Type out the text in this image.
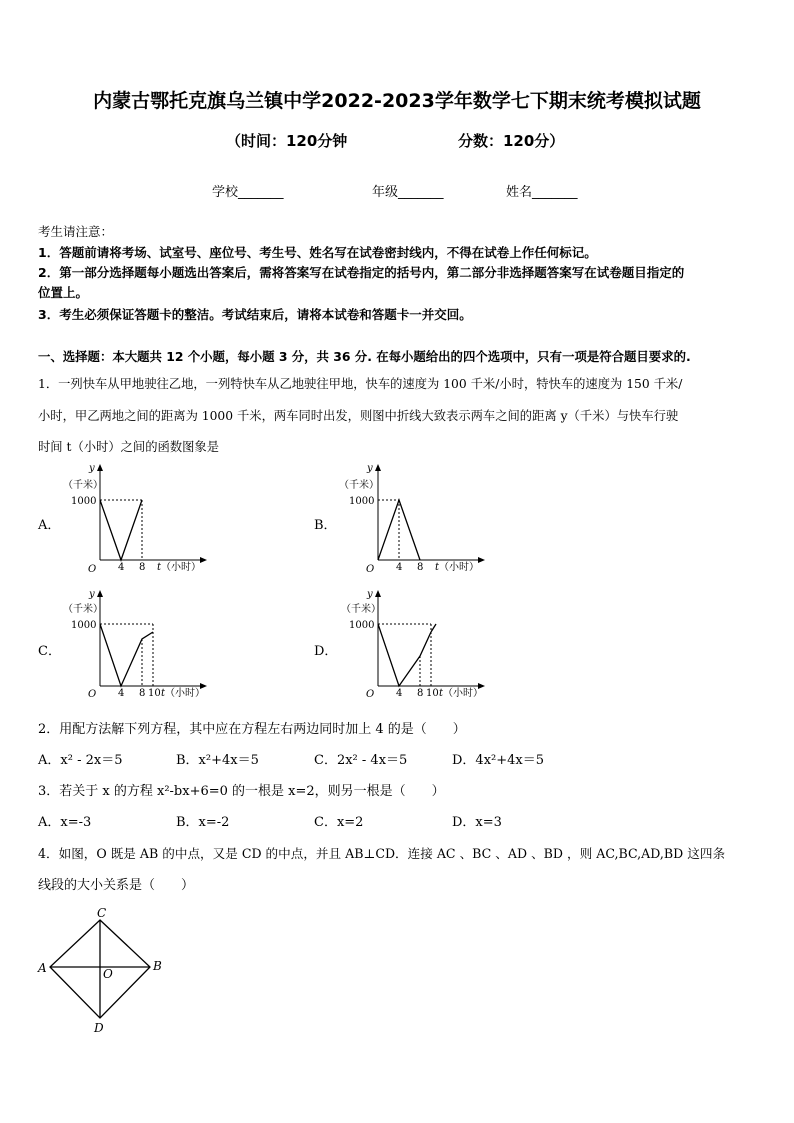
内蒙古鄂托克旗乌兰镇中学2022-2023学年数学七下期末统考模拟试题
（时间：120分钟	分数：120分）
学校_______	年级_______	姓名_______
考生请注意：
1．答题前请将考场、试室号、座位号、考生号、姓名写在试卷密封线内，不得在试卷上作任何标记。
2．第一部分选择题每小题选出答案后，需将答案写在试卷指定的括号内，第二部分非选择题答案写在试卷题目指定的
位置上。
3．考生必须保证答题卡的整洁。考试结束后，请将本试卷和答题卡一并交回。
一、选择题：本大题共 12 个小题，每小题 3 分，共 36 分. 在每小题给出的四个选项中，只有一项是符合题目要求的.
1．一列快车从甲地驶往乙地，一列特快车从乙地驶往甲地，快车的速度为 100 千米/小时，特快车的速度为 150 千米/
小时，甲乙两地之间的距离为 1000 千米，两车同时出发，则图中折线大致表示两车之间的距离 y（千米）与快车行驶
时间 t（小时）之间的函数图象是
A．	B．
C．	D．
y
（千米）
1000
O 4 8 t （小时）
y
（千米）
1000
O 4 8 t （小时）
y
（千米）
1000
O 4 8 10 t （小时）
y
（千米）
1000
O 4 8 10 t （小时）
2．用配方法解下列方程，其中应在方程左右两边同时加上 4 的是（　　）
A．x² - 2x＝5	B．x²+4x＝5	C．2x² - 4x＝5	D．4x²+4x＝5
3．若关于 x 的方程 x²-bx+6=0 的一根是 x=2，则另一根是（　　）
A．x=-3	B．x=-2	C．x=2	D．x=3
4．如图，O 既是 AB 的中点，又是 CD 的中点，并且 AB⊥CD．连接 AC 、BC 、AD 、BD ，则 AC,BC,AD,BD 这四条
线段的大小关系是（　　）
C
A	B
D
O
